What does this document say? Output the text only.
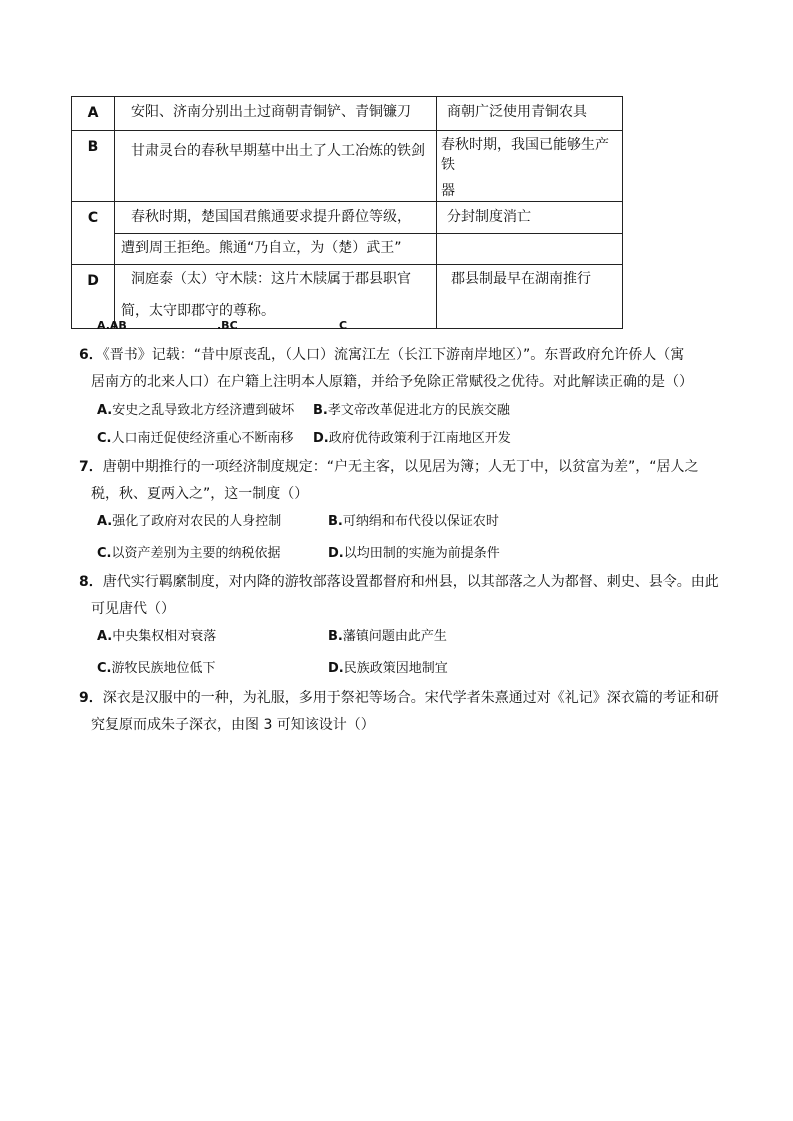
A	安阳、济南分别出土过商朝青铜铲、青铜镰刀	商朝广泛使用青铜农具

B	甘肃灵台的春秋早期墓中出土了人工冶炼的铁剑	春秋时期，我国已能够生产铁
器

C	春秋时期，楚国国君熊通要求提升爵位等级，
遭到周王拒绝。熊通“乃自立，为（楚）武王”	分封制度消亡

D	洞庭泰（太）守木牍：这片木牍属于郡县职官
简，太守即郡守的尊称。	郡县制最早在湖南推行
A.AB	.BC	C
6．《晋书》记载：“昔中原丧乱，（人口）流寓江左（长江下游南岸地区）”。东晋政府允许侨人（寓
居南方的北来人口）在户籍上注明本人原籍，并给予免除正常赋役之优待。对此解读正确的是（）
A.安史之乱导致北方经济遭到破坏 B.孝文帝改革促进北方的民族交融
C.人口南迁促使经济重心不断南移 D.政府优待政策利于江南地区开发
7．唐朝中期推行的一项经济制度规定：“户无主客，以见居为簿；人无丁中，以贫富为差”，“居人之
税，秋、夏两入之”，这一制度（）
A.强化了政府对农民的人身控制	B.可纳绢和布代役以保证农时
C.以资产差别为主要的纳税依据	D.以均田制的实施为前提条件
8．唐代实行羁縻制度，对内降的游牧部落设置都督府和州县，以其部落之人为都督、刺史、县令。由此
可见唐代（）
A.中央集权相对衰落	B.藩镇问题由此产生
C.游牧民族地位低下	D.民族政策因地制宜
9．深衣是汉服中的一种，为礼服，多用于祭祀等场合。宋代学者朱熹通过对《礼记》深衣篇的考证和研
究复原而成朱子深衣，由图 3 可知该设计（）
